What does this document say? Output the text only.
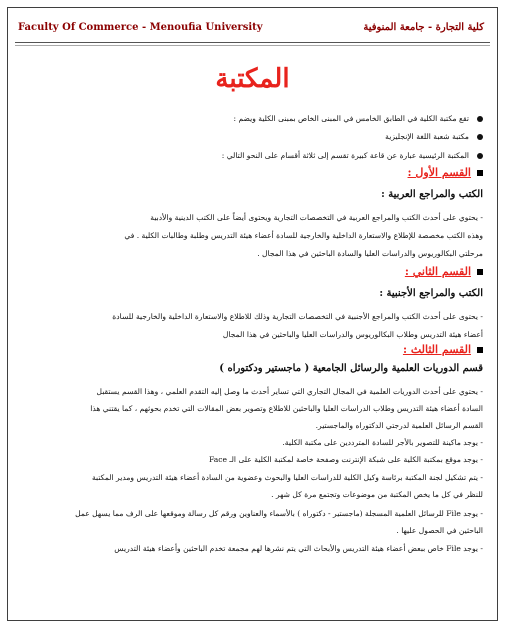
Faculty Of Commerce - Menoufia University	كلية التجارة - جامعة المنوفية
المكتبة
تقع مكتبة الكلية في الطابق الخامس في المبنى الخاص بمبنى الكلية ويضم :
مكتبة شعبة اللغة الإنجليزية
المكتبة الرئيسية عبارة عن قاعة كبيرة تقسم إلى ثلاثة أقسام على النحو التالي :
القسم الأول :
الكتب والمراجع العربية :
- يحتوي على أحدث الكتب والمراجع العربية في التخصصات التجارية ويحتوى أيضاً على الكتب الدينية والأدبية
وهذه الكتب مخصصة للإطلاع والاستعارة الداخلية والخارجية للسادة أعضاء هيئة التدريس وطلبة وطالبات الكلية . في
مرحلتي البكالوريوس والدراسات العليا والسادة الباحثين في هذا المجال .
القسم الثاني :
الكتب والمراجع الأجنبية :
- يحتوى على أحدث الكتب والمراجع الأجنبية في التخصصات التجارية وذلك للاطلاع والاستعارة الداخلية والخارجية للسادة
أعضاء هيئة التدريس وطلاب البكالوريوس والدراسات العليا والباحثين في هذا المجال
القسم الثالث :
قسم الدوريات العلمية والرسائل الجامعية ( ماجستير ودكتوراه )
- يحتوي على أحدث الدوريات العلمية في المجال التجاري التي تساير أحدث ما وصل إليه التقدم العلمي ، وهذا القسم يستقبل
السادة أعضاء هيئة التدريس وطلاب الدراسات العليا والباحثين للاطلاع وتصوير بعض المقالات التي تخدم بحوثهم ، كما يقتني هذا
القسم الرسائل العلمية لدرجتي الدكتوراه والماجستير.
- يوجد ماكينة للتصوير بالأجر للسادة المترددين على مكتبة الكلية.
- يوجد موقع بمكتبة الكلية على شبكة الإنترنت وصفحة خاصة لمكتبة الكلية على الـ Face
- يتم تشكيل لجنة المكتبة برئاسة وكيل الكلية للدراسات العليا والبحوث وعضوية من السادة أعضاء هيئة التدريس ومدير المكتبة
للنظر في كل ما يخص المكتبة من موضوعات وتجتمع مرة كل شهر .
- يوجد File للرسائل العلمية المسجلة (ماجستير - دكتوراه ) بالأسماء والعناوين ورقم كل رسالة وموقعها على الرف مما يسهل عمل
الباحثين في الحصول عليها .
- يوجد File خاص ببعض أعضاء هيئة التدريس والأبحاث التي يتم نشرها لهم مجمعة تخدم الباحثين وأعضاء هيئة التدريس
